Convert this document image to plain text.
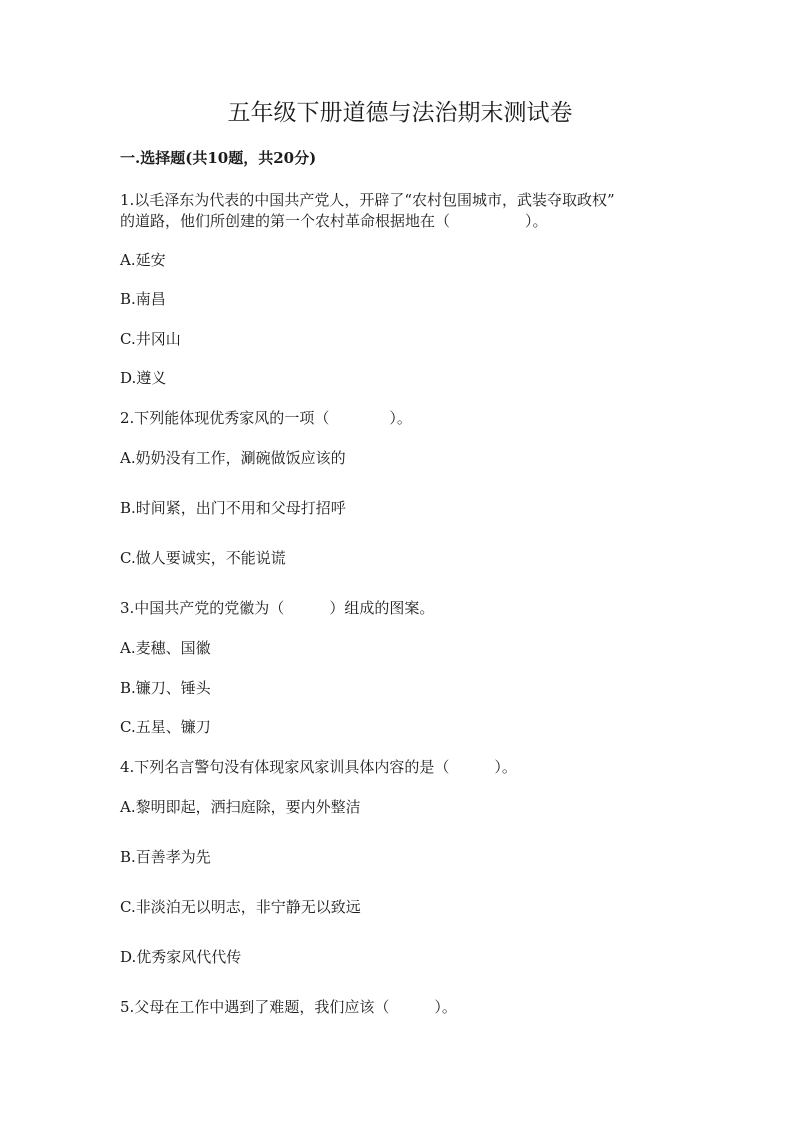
五年级下册道德与法治期末测试卷
一.选择题(共10题，共20分)
1.以毛泽东为代表的中国共产党人，开辟了“农村包围城市，武装夺取政权”
的道路，他们所创建的第一个农村革命根据地在（　　　　　）。
A.延安
B.南昌
C.井冈山
D.遵义
2.下列能体现优秀家风的一项（　　　　）。
A.奶奶没有工作，涮碗做饭应该的
B.时间紧，出门不用和父母打招呼
C.做人要诚实，不能说谎
3.中国共产党的党徽为（　　　）组成的图案。
A.麦穗、国徽
B.镰刀、锤头
C.五星、镰刀
4.下列名言警句没有体现家风家训具体内容的是（　　　）。
A.黎明即起，洒扫庭除，要内外整洁
B.百善孝为先
C.非淡泊无以明志，非宁静无以致远
D.优秀家风代代传
5.父母在工作中遇到了难题，我们应该（　　　）。
